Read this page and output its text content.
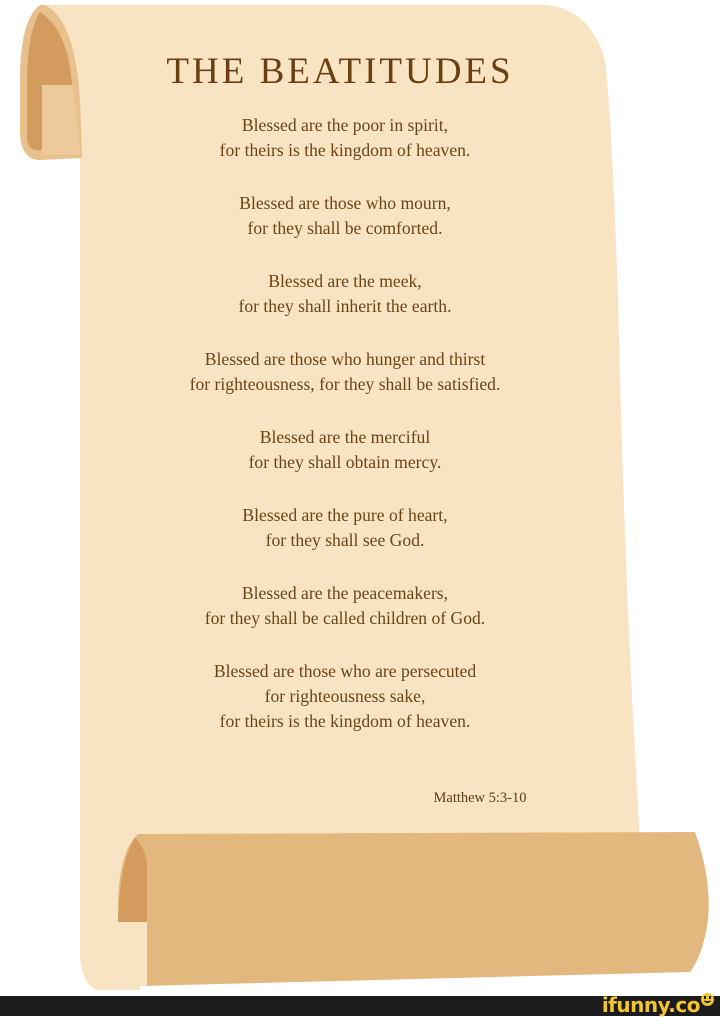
THE BEATITUDES
Blessed are the poor in spirit,
for theirs is the kingdom of heaven.
Blessed are those who mourn,
for they shall be comforted.
Blessed are the meek,
for they shall inherit the earth.
Blessed are those who hunger and thirst
for righteousness, for they shall be satisfied.
Blessed are the merciful
for they shall obtain mercy.
Blessed are the pure of heart,
for they shall see God.
Blessed are the peacemakers,
for they shall be called children of God.
Blessed are those who are persecuted
for righteousness sake,
for theirs is the kingdom of heaven.
Matthew 5:3-10
ifunny.co
